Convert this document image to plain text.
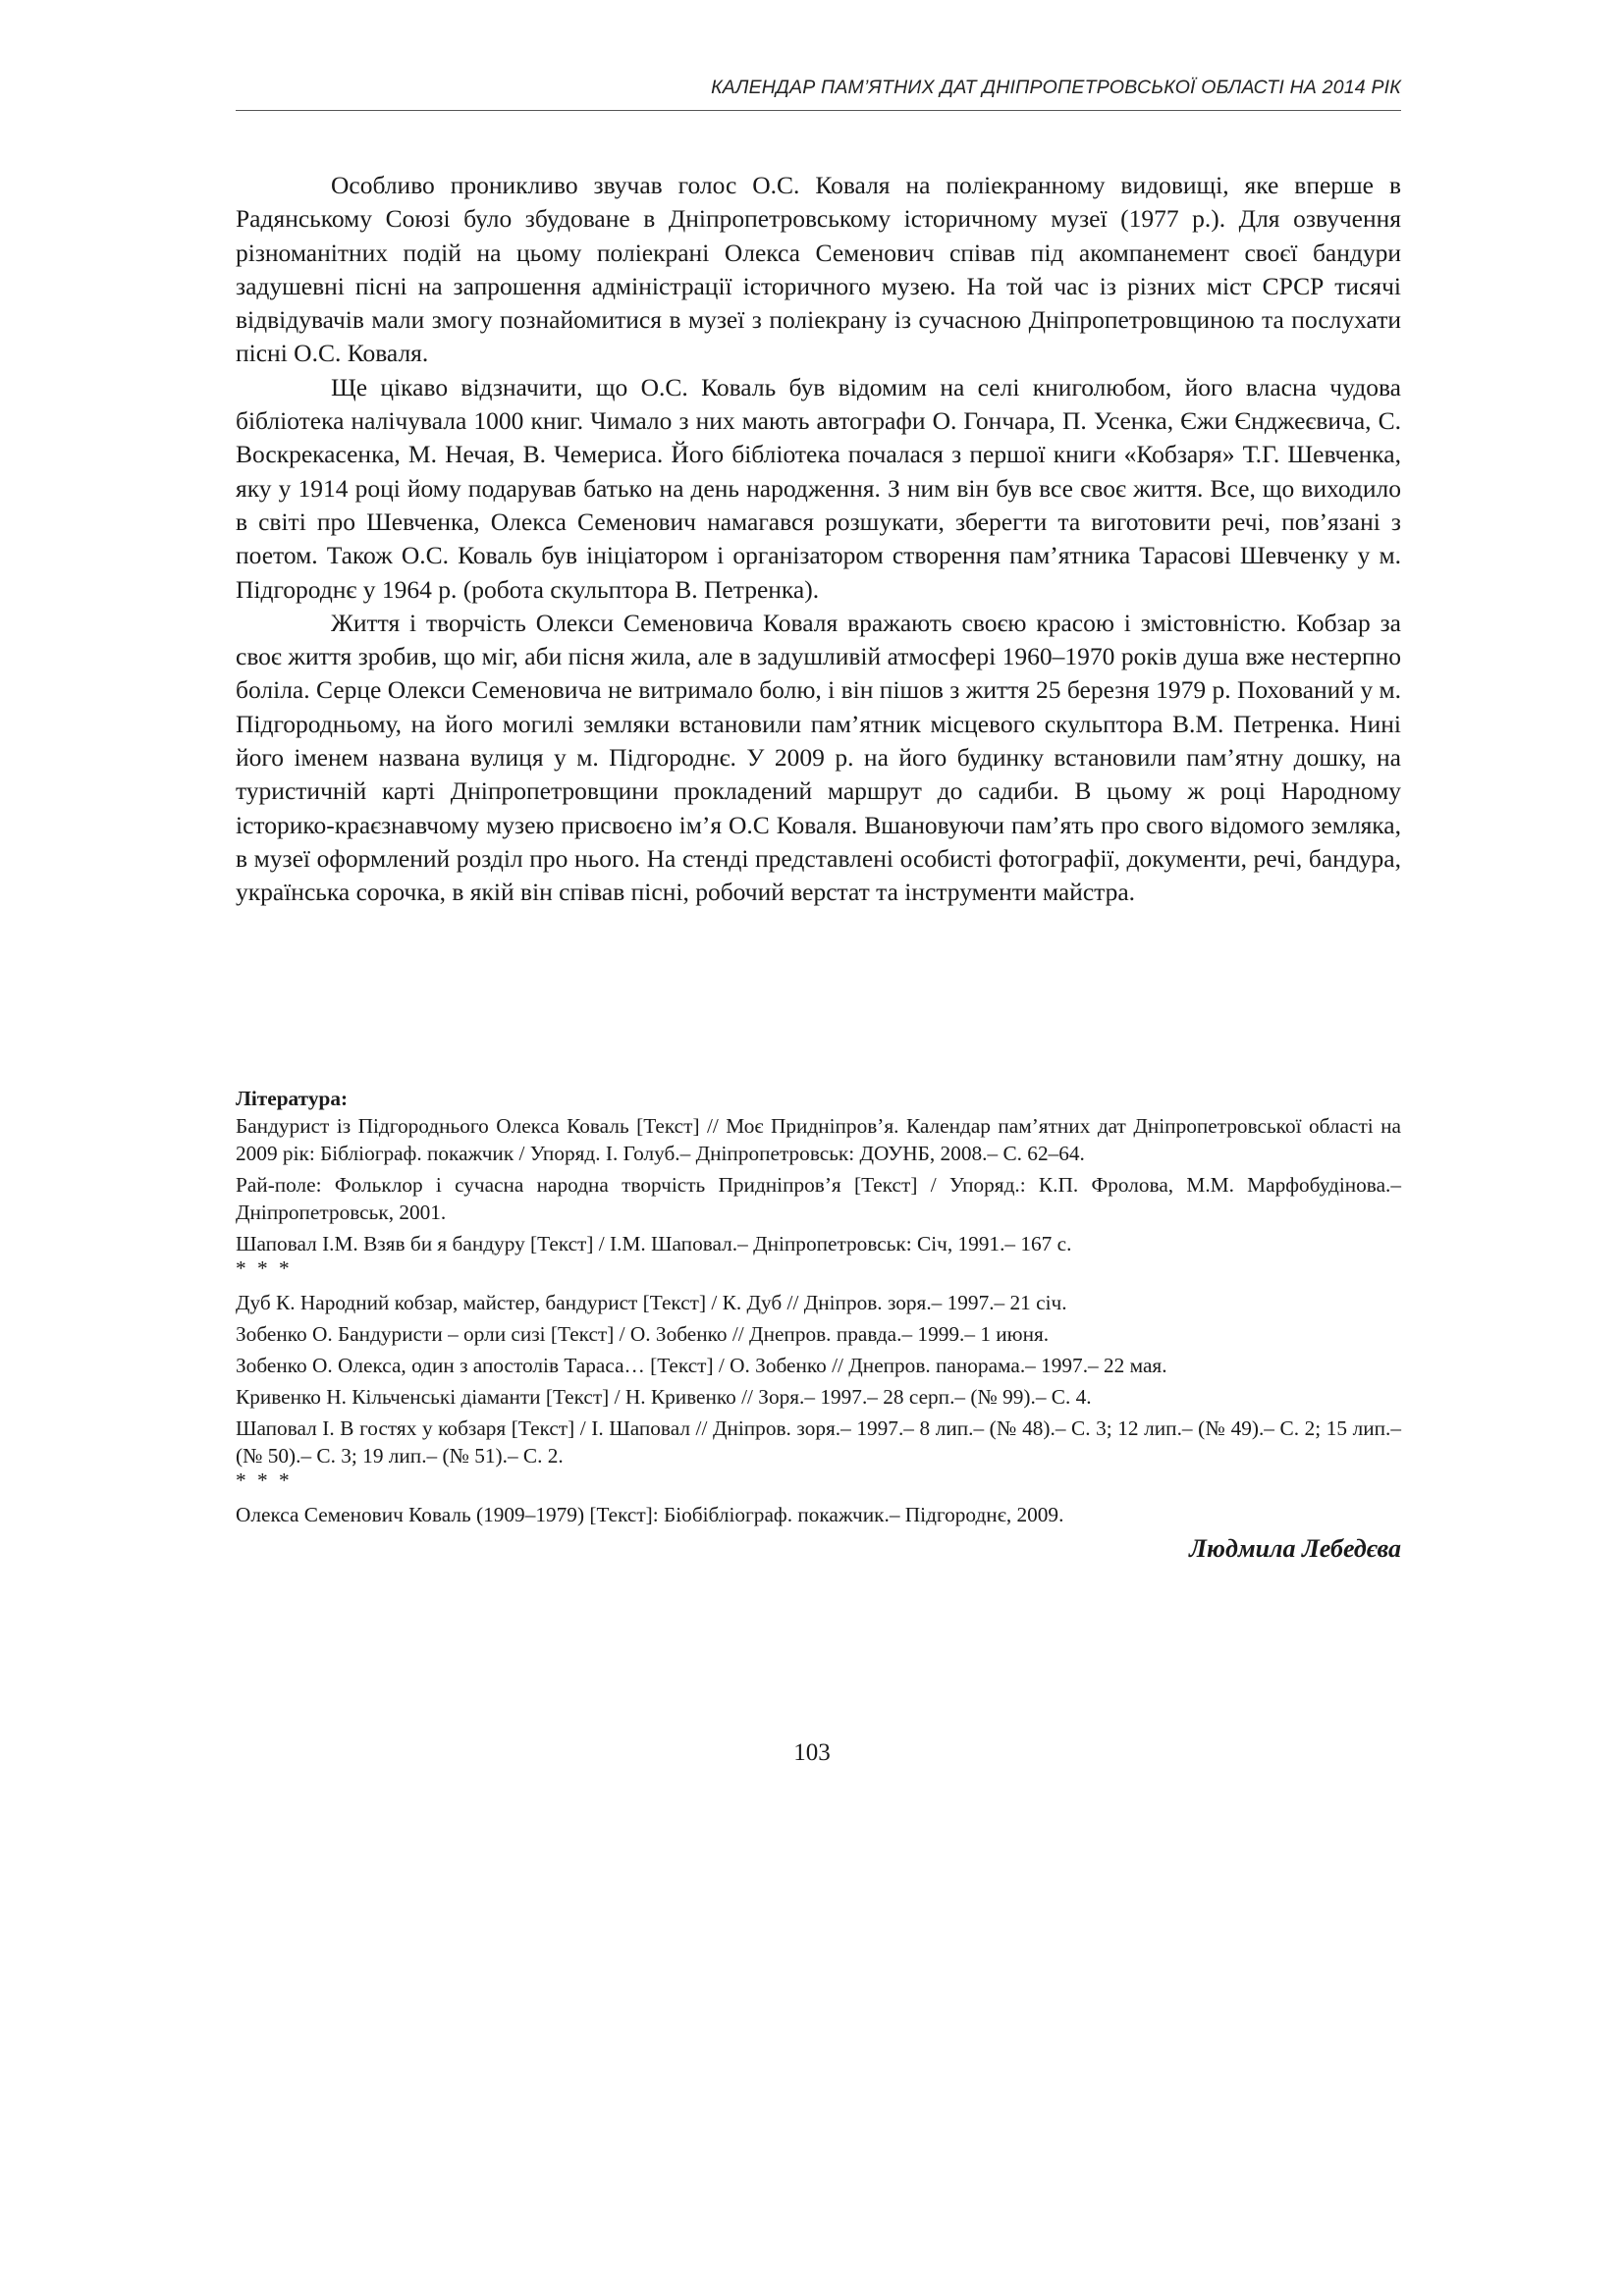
КАЛЕНДАР ПАМ’ЯТНИХ ДАТ ДНІПРОПЕТРОВСЬКОЇ ОБЛАСТІ НА 2014 РІК

Особливо проникливо звучав голос О.С. Коваля на поліекранному видовищі, яке вперше в Радянському Союзі було збудоване в Дніпропетровському історичному музеї (1977 р.). Для озвучення різноманітних подій на цьому поліекрані Олекса Семенович співав під акомпанемент своєї бандури задушевні пісні на запрошення адміністрації історичного музею. На той час із різних міст СРСР тисячі відвідувачів мали змогу познайомитися в музеї з поліекрану із сучасною Дніпропетровщиною та послухати пісні О.С. Коваля.

Ще цікаво відзначити, що О.С. Коваль був відомим на селі книголюбом, його власна чудова бібліотека налічувала 1000 книг. Чимало з них мають автографи О. Гончара, П. Усенка, Єжи Єнджеєвича, С. Воскрекасенка, М. Нечая, В. Чемериса. Його бібліотека почалася з першої книги «Кобзаря» Т.Г. Шевченка, яку у 1914 році йому подарував батько на день народження. З ним він був все своє життя. Все, що виходило в світі про Шевченка, Олекса Семенович намагався розшукати, зберегти та виготовити речі, пов’язані з поетом. Також О.С. Коваль був ініціатором і організатором створення пам’ятника Тарасові Шевченку у м. Підгороднє у 1964 р. (робота скульптора В. Петренка).

Життя і творчість Олекси Семеновича Коваля вражають своєю красою і змістовністю. Кобзар за своє життя зробив, що міг, аби пісня жила, але в задушливій атмосфері 1960–1970 років душа вже нестерпно боліла. Серце Олекси Семеновича не витримало болю, і він пішов з життя 25 березня 1979 р. Похований у м. Підгородньому, на його могилі земляки встановили пам’ятник місцевого скульптора В.М. Петренка. Нині його іменем названа вулиця у м. Підгороднє. У 2009 р. на його будинку встановили пам’ятну дошку, на туристичній карті Дніпропетровщини прокладений маршрут до садиби. В цьому ж році Народному історико-краєзнавчому музею присвоєно ім’я О.С Коваля. Вшановуючи пам’ять про свого відомого земляка, в музеї оформлений розділ про нього. На стенді представлені особисті фотографії, документи, речі, бандура, українська сорочка, в якій він співав пісні, робочий верстат та інструменти майстра.

Література:

Бандурист із Підгороднього Олекса Коваль [Текст] // Моє Придніпров’я. Календар пам’ятних дат Дніпропетровської області на 2009 рік: Бібліограф. покажчик / Упоряд. І. Голуб.– Дніпропетровськ: ДОУНБ, 2008.– С. 62–64.

Рай-поле: Фольклор і сучасна народна творчість Придніпров’я [Текст] / Упоряд.: К.П. Фролова, М.М. Марфобудінова.– Дніпропетровськ, 2001.

Шаповал І.М. Взяв би я бандуру [Текст] / І.М. Шаповал.– Дніпропетровськ: Січ, 1991.– 167 с.

* * *

Дуб К. Народний кобзар, майстер, бандурист [Текст] / К. Дуб // Дніпров. зоря.– 1997.– 21 січ.

Зобенко О. Бандуристи – орли сизі [Текст] / О. Зобенко // Днепров. правда.– 1999.– 1 июня.

Зобенко О. Олекса, один з апостолів Тараса… [Текст] / О. Зобенко // Днепров. панорама.– 1997.– 22 мая.

Кривенко Н. Кільченські діаманти [Текст] / Н. Кривенко // Зоря.– 1997.– 28 серп.– (№ 99).– С. 4.

Шаповал І. В гостях у кобзаря [Текст] / І. Шаповал // Дніпров. зоря.– 1997.– 8 лип.– (№ 48).– С. 3; 12 лип.– (№ 49).– С. 2; 15 лип.– (№ 50).– С. 3; 19 лип.– (№ 51).– С. 2.

* * *

Олекса Семенович Коваль (1909–1979) [Текст]: Біобібліограф. покажчик.– Підгороднє, 2009.

Людмила Лебедєва

103
